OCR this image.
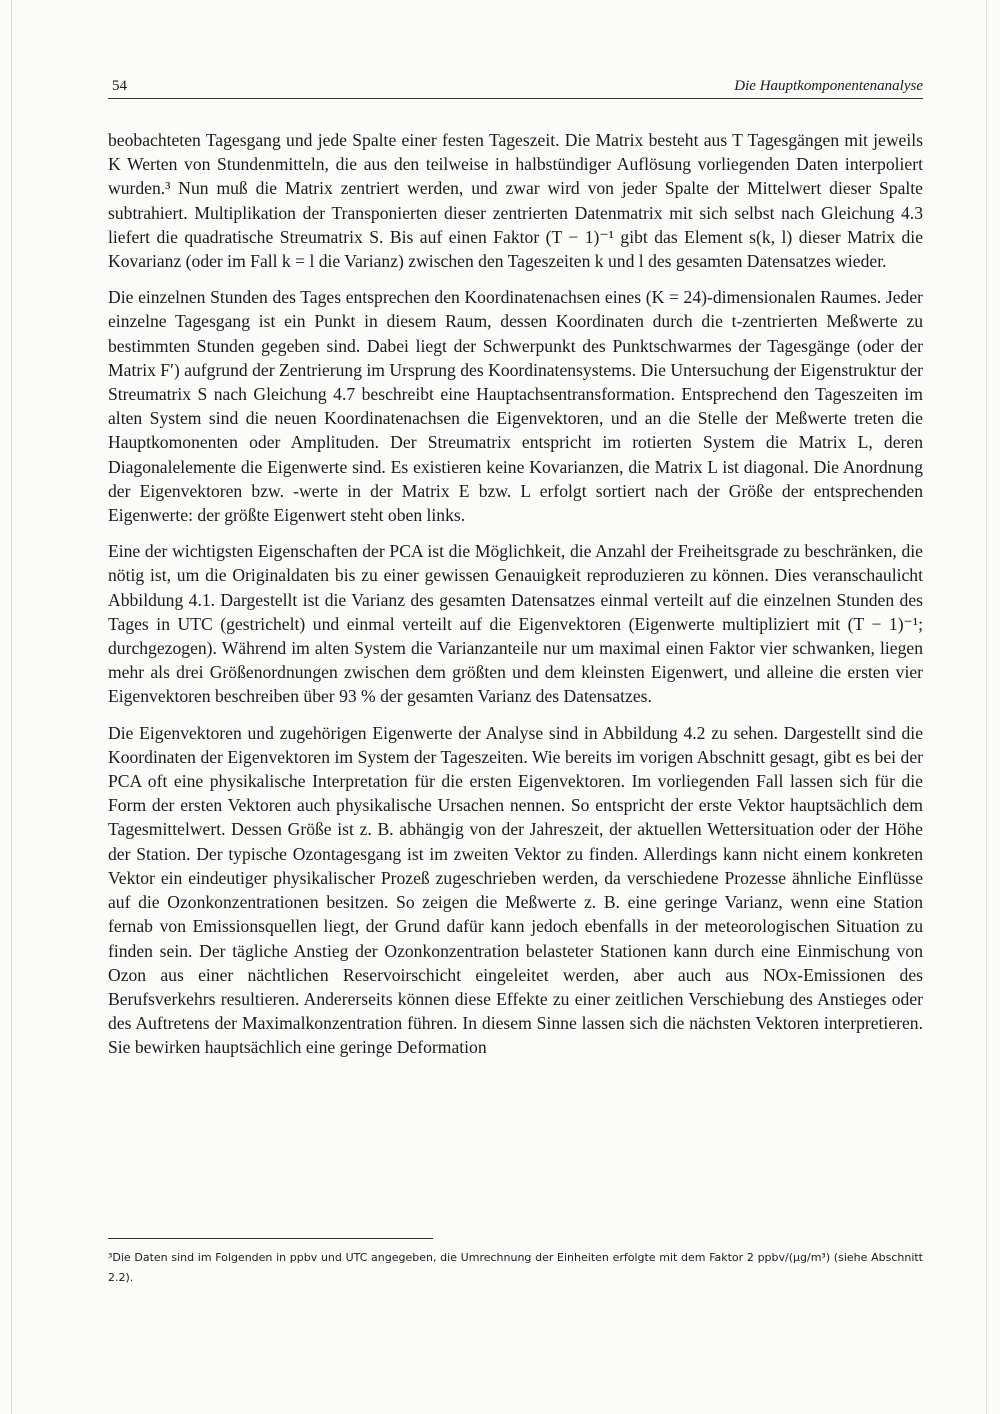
54	Die Hauptkomponentenanalyse

beobachteten Tagesgang und jede Spalte einer festen Tageszeit. Die Matrix besteht aus T Tagesgängen mit jeweils K Werten von Stundenmitteln, die aus den teilweise in halbstündiger Auflösung vorliegenden Daten interpoliert wurden.³ Nun muß die Matrix zentriert werden, und zwar wird von jeder Spalte der Mittelwert dieser Spalte subtrahiert. Multiplikation der Transponierten dieser zentrierten Datenmatrix mit sich selbst nach Gleichung 4.3 liefert die quadratische Streumatrix S. Bis auf einen Faktor (T − 1)⁻¹ gibt das Element s(k, l) dieser Matrix die Kovarianz (oder im Fall k = l die Varianz) zwischen den Tageszeiten k und l des gesamten Datensatzes wieder.

Die einzelnen Stunden des Tages entsprechen den Koordinatenachsen eines (K = 24)-dimensionalen Raumes. Jeder einzelne Tagesgang ist ein Punkt in diesem Raum, dessen Koordinaten durch die t-zentrierten Meßwerte zu bestimmten Stunden gegeben sind. Dabei liegt der Schwerpunkt des Punktschwarmes der Tagesgänge (oder der Matrix F′) aufgrund der Zentrierung im Ursprung des Koordinatensystems. Die Untersuchung der Eigenstruktur der Streumatrix S nach Gleichung 4.7 beschreibt eine Hauptachsentransformation. Entsprechend den Tageszeiten im alten System sind die neuen Koordinatenachsen die Eigenvektoren, und an die Stelle der Meßwerte treten die Hauptkomonenten oder Amplituden. Der Streumatrix entspricht im rotierten System die Matrix L, deren Diagonalelemente die Eigenwerte sind. Es existieren keine Kovarianzen, die Matrix L ist diagonal. Die Anordnung der Eigenvektoren bzw. -werte in der Matrix E bzw. L erfolgt sortiert nach der Größe der entsprechenden Eigenwerte: der größte Eigenwert steht oben links.

Eine der wichtigsten Eigenschaften der PCA ist die Möglichkeit, die Anzahl der Freiheitsgrade zu beschränken, die nötig ist, um die Originaldaten bis zu einer gewissen Genauigkeit reproduzieren zu können. Dies veranschaulicht Abbildung 4.1. Dargestellt ist die Varianz des gesamten Datensatzes einmal verteilt auf die einzelnen Stunden des Tages in UTC (gestrichelt) und einmal verteilt auf die Eigenvektoren (Eigenwerte multipliziert mit (T − 1)⁻¹; durchgezogen). Während im alten System die Varianzanteile nur um maximal einen Faktor vier schwanken, liegen mehr als drei Größenordnungen zwischen dem größten und dem kleinsten Eigenwert, und alleine die ersten vier Eigenvektoren beschreiben über 93 % der gesamten Varianz des Datensatzes.

Die Eigenvektoren und zugehörigen Eigenwerte der Analyse sind in Abbildung 4.2 zu sehen. Dargestellt sind die Koordinaten der Eigenvektoren im System der Tageszeiten. Wie bereits im vorigen Abschnitt gesagt, gibt es bei der PCA oft eine physikalische Interpretation für die ersten Eigenvektoren. Im vorliegenden Fall lassen sich für die Form der ersten Vektoren auch physikalische Ursachen nennen. So entspricht der erste Vektor hauptsächlich dem Tagesmittelwert. Dessen Größe ist z. B. abhängig von der Jahreszeit, der aktuellen Wettersituation oder der Höhe der Station. Der typische Ozontagesgang ist im zweiten Vektor zu finden. Allerdings kann nicht einem konkreten Vektor ein eindeutiger physikalischer Prozeß zugeschrieben werden, da verschiedene Prozesse ähnliche Einflüsse auf die Ozonkonzentrationen besitzen. So zeigen die Meßwerte z. B. eine geringe Varianz, wenn eine Station fernab von Emissionsquellen liegt, der Grund dafür kann jedoch ebenfalls in der meteorologischen Situation zu finden sein. Der tägliche Anstieg der Ozonkonzentration belasteter Stationen kann durch eine Einmischung von Ozon aus einer nächtlichen Reservoirschicht eingeleitet werden, aber auch aus NOx-Emissionen des Berufsverkehrs resultieren. Andererseits können diese Effekte zu einer zeitlichen Verschiebung des Anstieges oder des Auftretens der Maximalkonzentration führen. In diesem Sinne lassen sich die nächsten Vektoren interpretieren. Sie bewirken hauptsächlich eine geringe Deformation

³Die Daten sind im Folgenden in ppbv und UTC angegeben, die Umrechnung der Einheiten erfolgte mit dem Faktor 2 ppbv/(µg/m³) (siehe Abschnitt 2.2).
